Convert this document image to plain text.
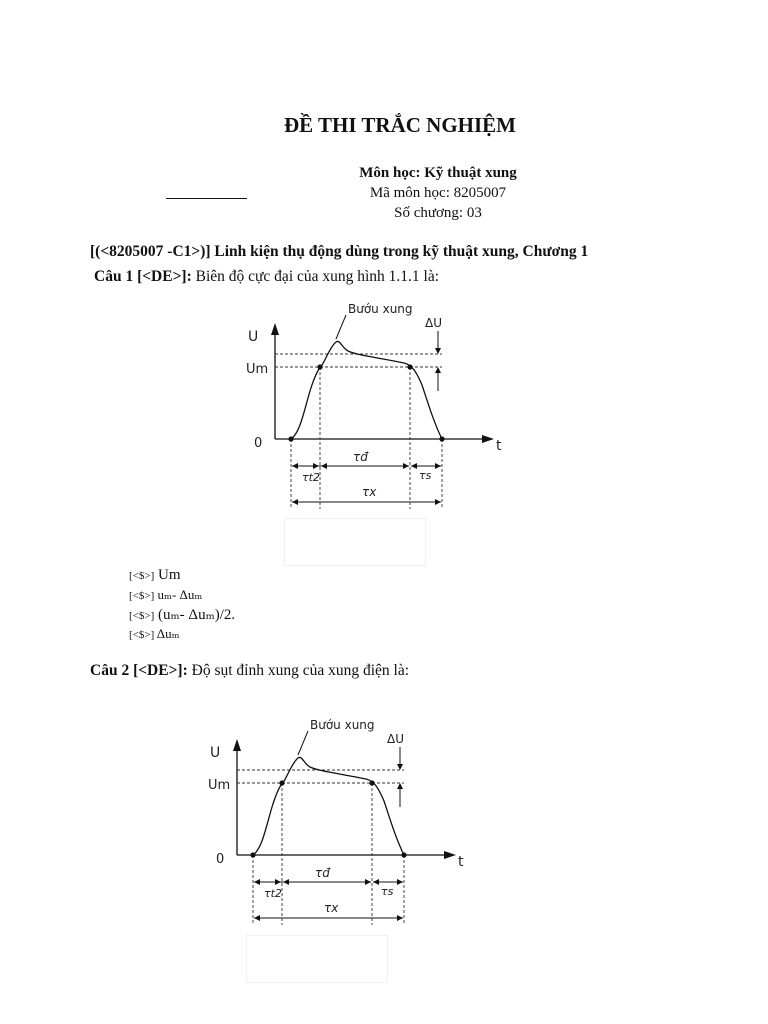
ĐỀ THI TRẮC NGHIỆM
Môn học: Kỹ thuật xung
Mã môn học: 8205007
Số chương: 03
[(<8205007 -C1>)] Linh kiện thụ động dùng trong kỹ thuật xung, Chương 1
Câu 1 [<DE>]: Biên độ cực đại của xung hình 1.1.1 là:
Bướu xung
ΔU
U
Um
0	t
τđ
τt2	τs
τx
[<$>] Um
[<$>] uₘ- Δuₘ
[<$>] (uₘ- Δuₘ)/2.
[<$>] Δuₘ
Câu 2 [<DE>]: Độ sụt đỉnh xung của xung điện là:
Bướu xung
ΔU
U
Um
0	t
τđ
τt2	τs
τx
